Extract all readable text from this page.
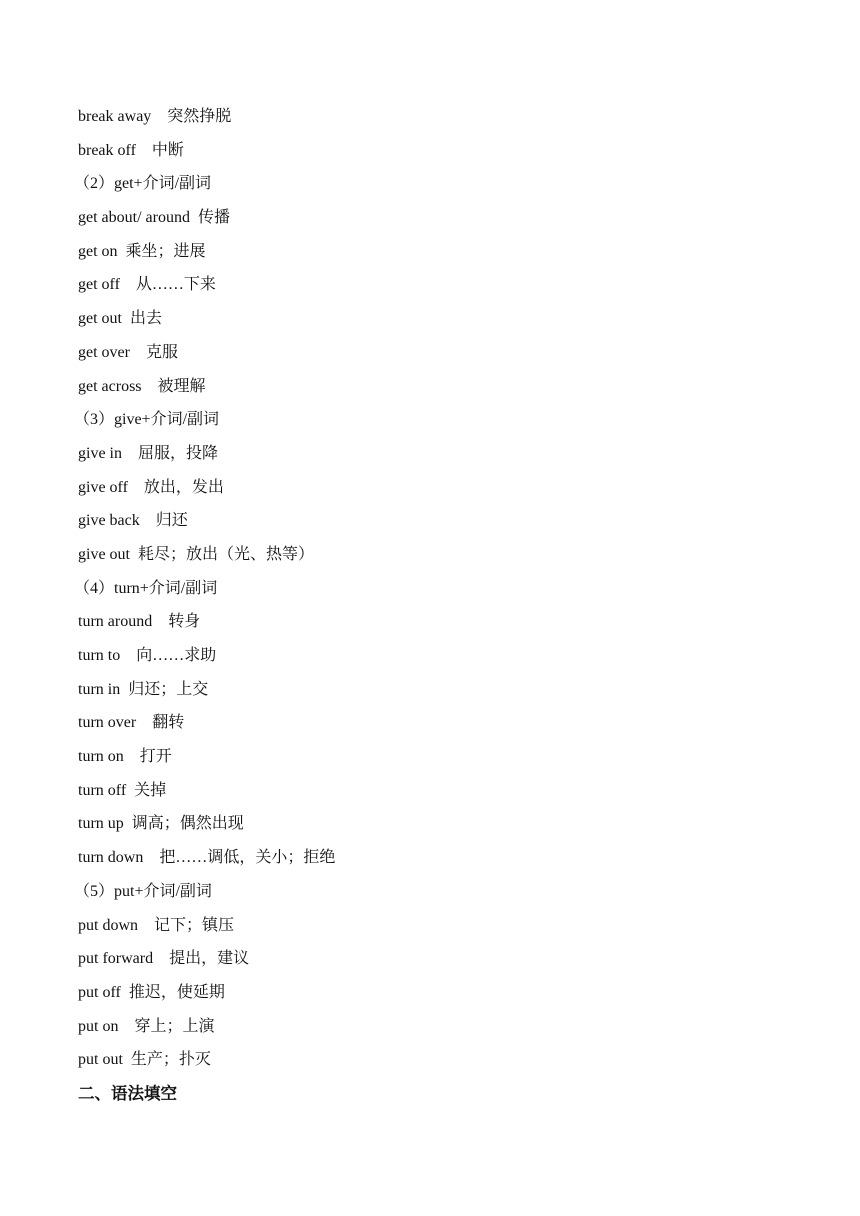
break away    突然挣脱
break off    中断
（2）get+介词/副词
get about/ around  传播
get on  乘坐；进展
get off    从……下来
get out  出去
get over    克服
get across    被理解
（3）give+介词/副词
give in    屈服，投降
give off    放出，发出
give back    归还
give out  耗尽；放出（光、热等）
（4）turn+介词/副词
turn around    转身
turn to    向……求助
turn in  归还；上交
turn over    翻转
turn on    打开
turn off  关掉
turn up  调高；偶然出现
turn down    把……调低，关小；拒绝
（5）put+介词/副词
put down    记下；镇压
put forward    提出，建议
put off  推迟，使延期
put on    穿上；上演
put out  生产；扑灭
二、语法填空
